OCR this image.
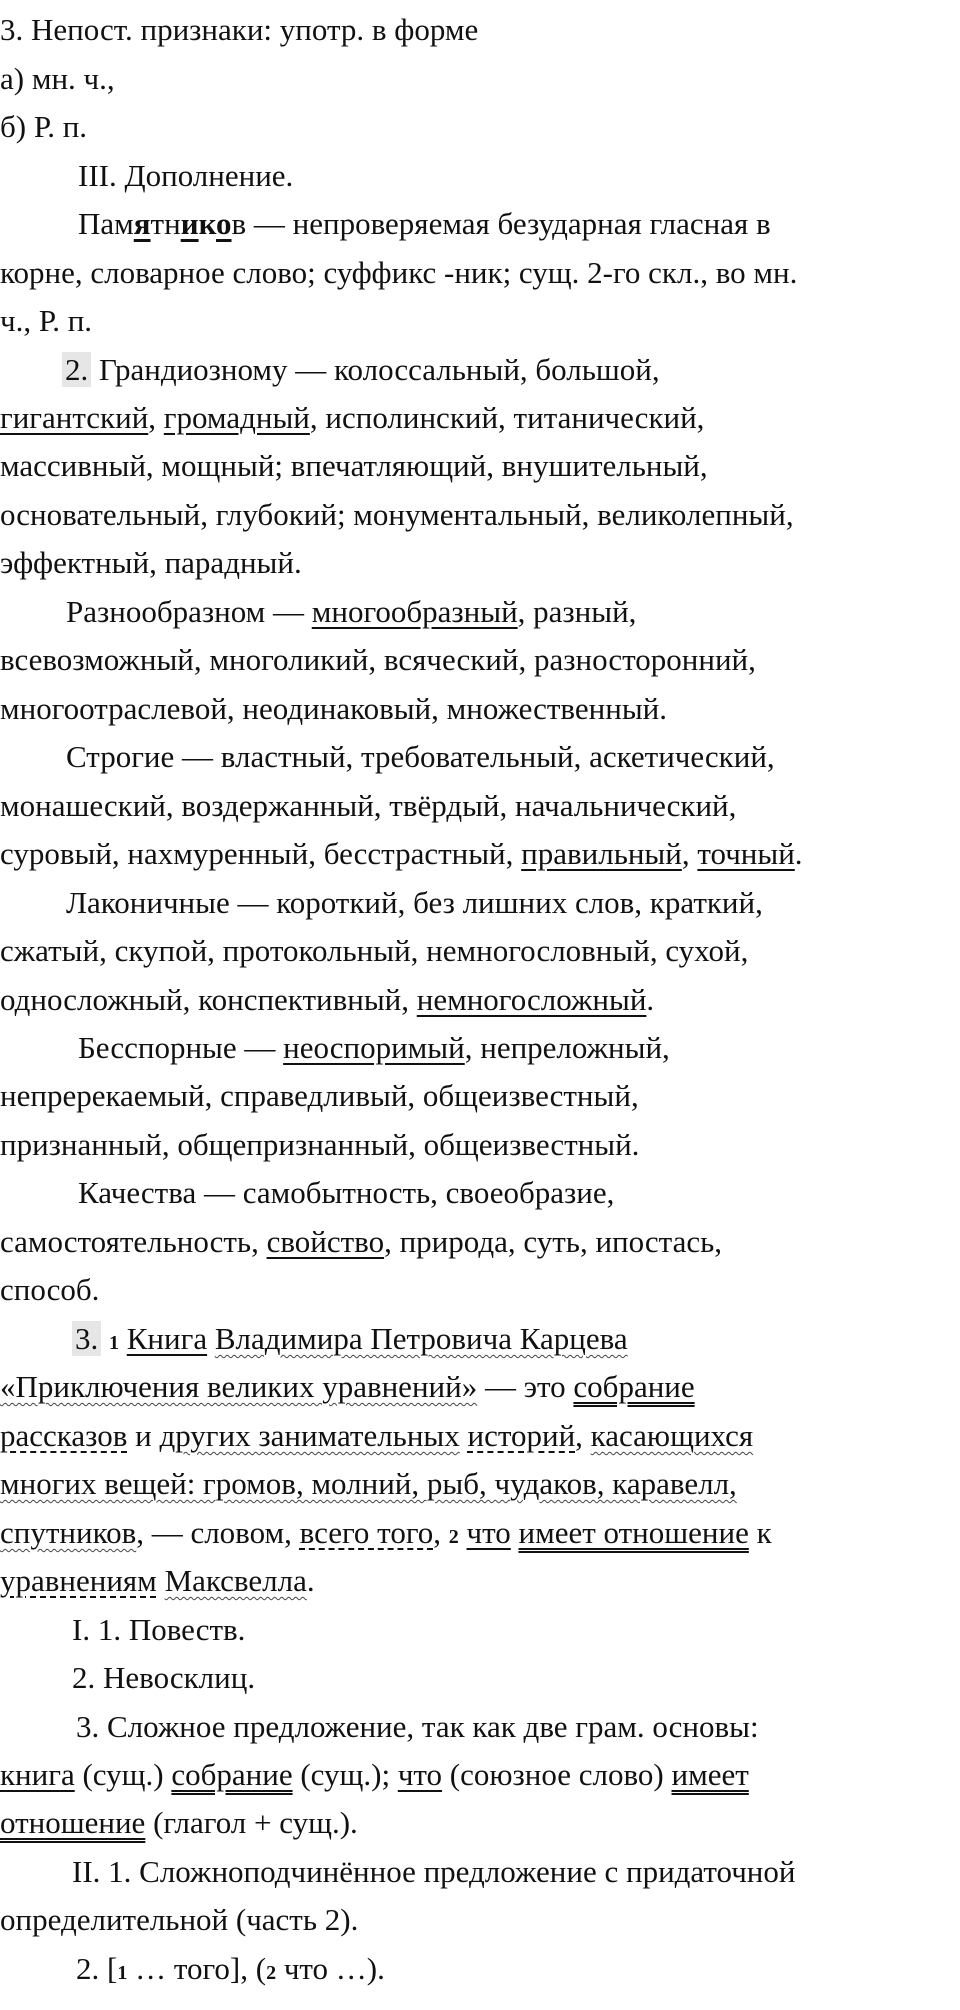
3. Непост. признаки: употр. в форме
а) мн. ч.,
б) Р. п.
III. Дополнение.
Памятников — непроверяемая безударная гласная в
корне, словарное слово; суффикс -ник; сущ. 2-го скл., во мн.
ч., Р. п.
2. Грандиозному — колоссальный, большой,
гигантский, громадный, исполинский, титанический,
массивный, мощный; впечатляющий, внушительный,
основательный, глубокий; монументальный, великолепный,
эффектный, парадный.
Разнообразном — многообразный, разный,
всевозможный, многоликий, всяческий, разносторонний,
многоотраслевой, неодинаковый, множественный.
Строгие — властный, требовательный, аскетический,
монашеский, воздержанный, твёрдый, начальнический,
суровый, нахмуренный, бесстрастный, правильный, точный.
Лаконичные — короткий, без лишних слов, краткий,
сжатый, скупой, протокольный, немногословный, сухой,
односложный, конспективный, немногосложный.
Бесспорные — неоспоримый, непреложный,
непререкаемый, справедливый, общеизвестный,
признанный, общепризнанный, общеизвестный.
Качества — самобытность, своеобразие,
самостоятельность, свойство, природа, суть, ипостась,
способ.
3. 1 Книга Владимира Петровича Карцева
«Приключения великих уравнений» — это собрание
рассказов и других занимательных историй, касающихся
многих вещей: громов, молний, рыб, чудаков, каравелл,
спутников, — словом, всего того, 2 что имеет отношение к
уравнениям Максвелла.
I. 1. Повеств.
2. Невосклиц.
3. Сложное предложение, так как две грам. основы:
книга (сущ.) собрание (сущ.); что (союзное слово) имеет
отношение (глагол + сущ.).
II. 1. Сложноподчинённое предложение с придаточной
определительной (часть 2).
2. [1 … того], (2 что …).
